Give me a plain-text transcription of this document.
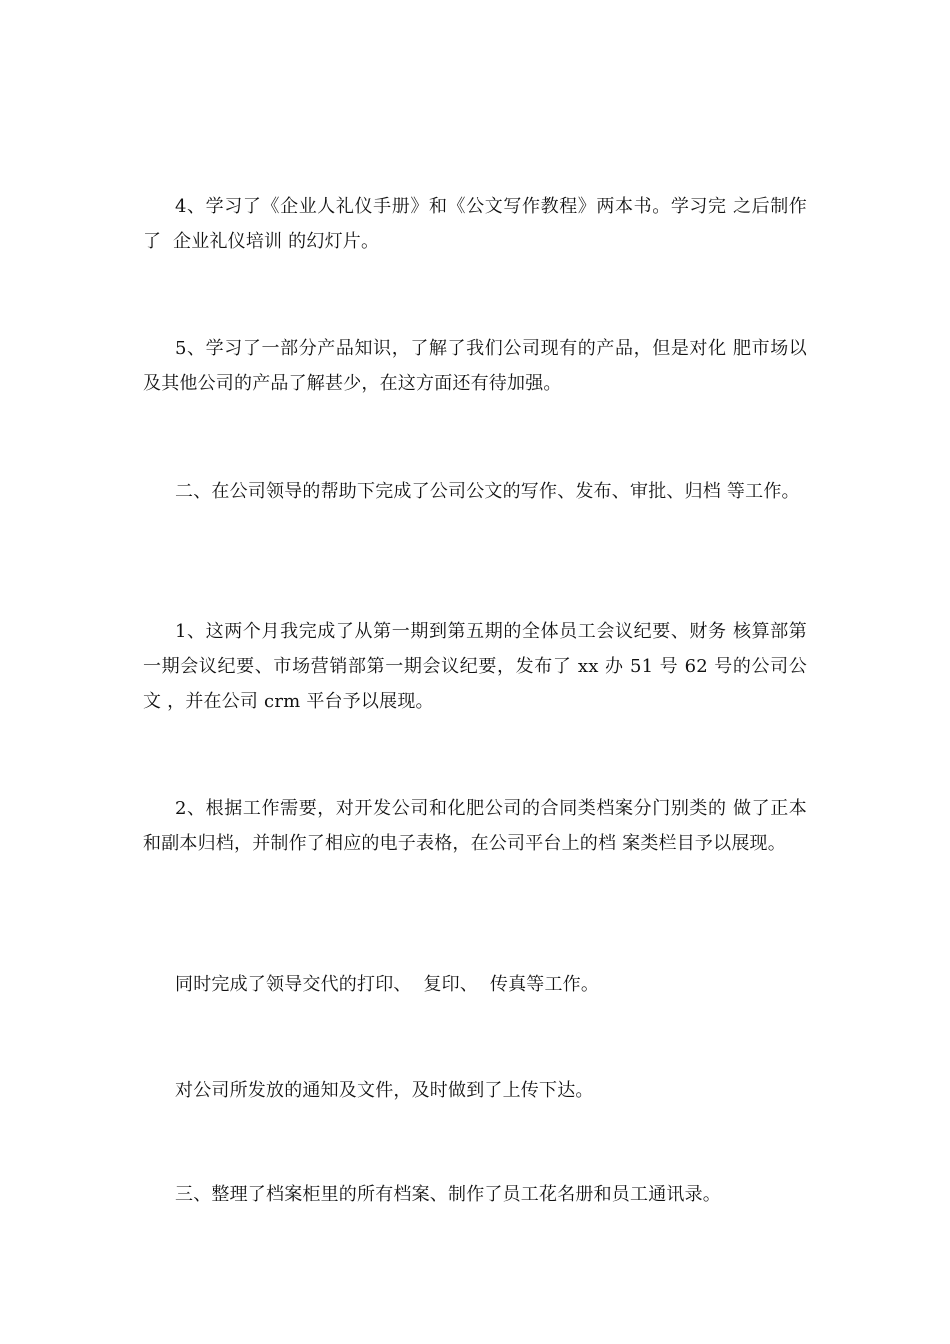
4、学习了《企业人礼仪手册》和《公文写作教程》两本书。学习完 之后制作了  企业礼仪培训 的幻灯片。

5、学习了一部分产品知识，了解了我们公司现有的产品，但是对化 肥市场以及其他公司的产品了解甚少，在这方面还有待加强。

二、在公司领导的帮助下完成了公司公文的写作、发布、审批、归档 等工作。

1、这两个月我完成了从第一期到第五期的全体员工会议纪要、财务 核算部第一期会议纪要、市场营销部第一期会议纪要，发布了 xx 办 51 号 62 号的公司公文 ，并在公司 crm 平台予以展现。

2、根据工作需要，对开发公司和化肥公司的合同类档案分门别类的 做了正本和副本归档，并制作了相应的电子表格，在公司平台上的档 案类栏目予以展现。

同时完成了领导交代的打印、  复印、  传真等工作。

对公司所发放的通知及文件，及时做到了上传下达。

三、整理了档案柜里的所有档案、制作了员工花名册和员工通讯录。
